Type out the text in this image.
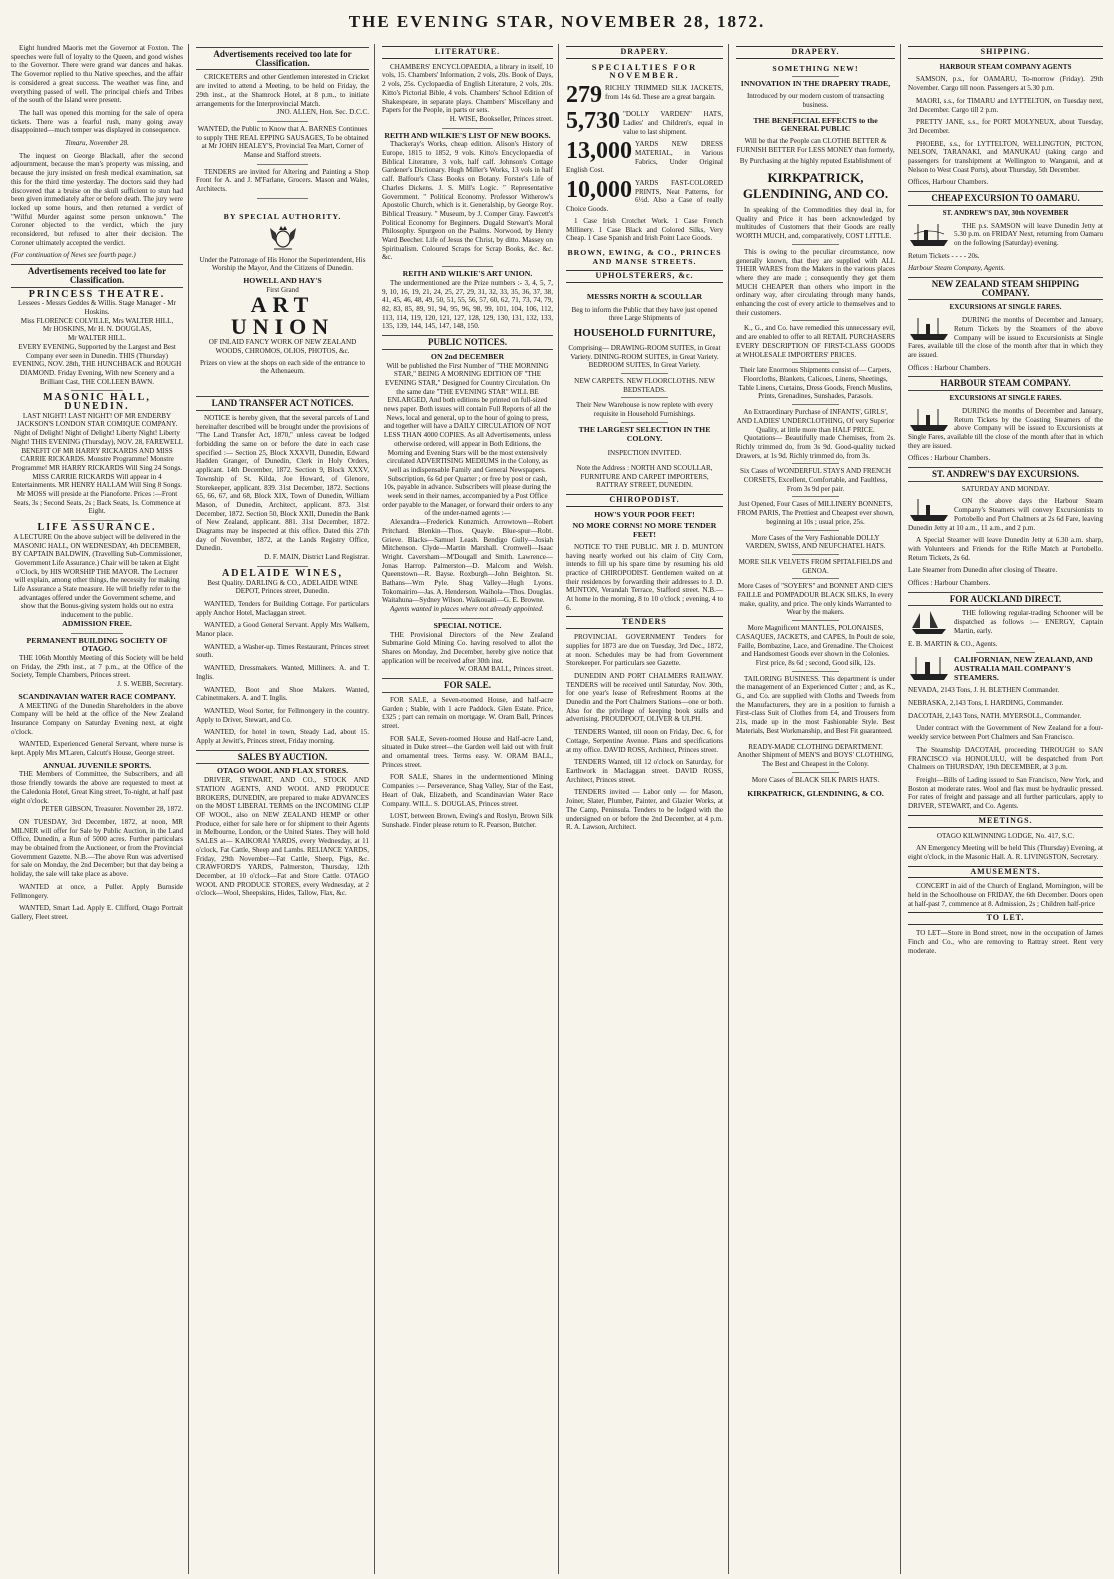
THE EVENING STAR, NOVEMBER 28, 1872.

Eight hundred Maoris met the Governor at Foxton. The speeches were full of loyalty to the Queen, and good wishes to the Governor. There were grand war dances and hakas. The Governor replied to thu Native speeches, and the affair is considered a great success. The weather was fine, and everything passed of well. The principal chiefs and Tribes of the south of the Island were present.

The hall was opened this morning for the sale of opera tickets. There was a fearful rush, many going away disappointed—much temper was displayed in consequence.

Timaru, November 28.

The inquest on George Blackall, after the second adjournment, because the man's property was missing, and because the jury insisted on fresh medical examination, sat this for the third time yesterday. The doctors said they had discovered that a bruise on the skull sufficient to stun had been given immediately after or before death. The jury were locked up some hours, and then returned a verdict of "Wilful Murder against some person unknown." The Coroner objected to the verdict, which the jury reconsidered, but refused to alter their decision. The Coroner ultimately accepted the verdict.

(For continuation of News see fourth page.)
Advertisements received too late for Classification.
PRINCESS THEATRE.
Lessees - Messrs Geddes & Willis. Stage Manager - Mr Hoskins.
Miss FLORENCE COLVILLE, Mrs WALTER HILL,
Mr HOSKINS, Mr H. N. DOUGLAS,
Mr WALTER HILL.
EVERY EVENING, Supported by the Largest and Best Company ever seen in Dunedin. THIS (Thursday) EVENING, NOV. 28th, THE HUNCHBACK and ROUGH DIAMOND. Friday Evening, With new Scenery and a Brilliant Cast, THE COLLEEN BAWN.
MASONIC HALL, DUNEDIN.
LAST NIGHT! LAST NIGHT! OF MR ENDERBY JACKSON'S LONDON STAR COMIQUE COMPANY. Night of Delight! Night of Delight! Liberty Night! Liberty Night! THIS EVENING (Thursday), NOV. 28, FAREWELL BENEFIT OF MR HARRY RICKARDS AND MISS CARRIE RICKARDS. Monstre Programme! Monstre Programme! MR HARRY RICKARDS Will Sing 24 Songs. MISS CARRIE RICKARDS Will appear in 4 Entertainments. MR HENRY HALLAM Will Sing 8 Songs. Mr MOSS will preside at the Pianoforte. Prices :—Front Seats, 3s ; Second Seats, 2s ; Back Seats, 1s. Commence at Eight.
LIFE ASSURANCE.
A LECTURE On the above subject will be delivered in the MASONIC HALL, ON WEDNESDAY, 4th DECEMBER, BY CAPTAIN BALDWIN, (Travelling Sub-Commissioner, Government Life Assurance.) Chair will be taken at Eight o'Clock, by HIS WORSHIP THE MAYOR. The Lecturer will explain, among other things, the necessity for making Life Assurance a State measure. He will briefly refer to the advantages offered under the Government scheme, and show that the Bonus-giving system holds out no extra inducement to the public.
ADMISSION FREE.
PERMANENT BUILDING SOCIETY OF OTAGO.

THE 106th Monthly Meeting of this Society will be held on Friday, the 29th inst., at 7 p.m., at the Office of the Society, Temple Chambers, Princes street.

J. S. WEBB, Secretary.
SCANDINAVIAN WATER RACE COMPANY.

A MEETING of the Dunedin Shareholders in the above Company will be held at the office of the New Zealand Insurance Company on Saturday Evening next, at eight o'clock.

WANTED, Experienced General Servant, where nurse is kept. Apply Mrs M'Laren, Calcutt's House, George street.

ANNUAL JUVENILE SPORTS.

THE Members of Committee, the Subscribers, and all those friendly towards the above are requested to meet at the Caledonia Hotel, Great King street, To-night, at half past eight o'clock.

PETER GIBSON, Treasurer. November 28, 1872.

ON TUESDAY, 3rd December, 1872, at noon, MR MILNER will offer for Sale by Public Auction, in the Land Office, Dunedin, a Run of 5000 acres. Further particulars may be obtained from the Auctioneer, or from the Provincial Government Gazette. N.B.—The above Run was advertised for sale on Monday, the 2nd December; but that day being a holiday, the sale will take place as above.

WANTED at once, a Puller. Apply Burnside Fellmongery.

WANTED, Smart Lad. Apply E. Clifford, Otago Portrait Gallery, Fleet street.

Advertisements received too late for Classification.

CRICKETERS and other Gentlemen interested in Cricket are invited to attend a Meeting, to be held on Friday, the 29th inst., at the Shamrock Hotel, at 8 p.m., to initiate arrangements for the Interprovincial Match.

JNO. ALLEN, Hon. Sec. D.C.C.
WANTED, the Public to Know that A. BARNES Continues to supply THE REAL EPPING SAUSAGES, To be obtained at Mr JOHN HEALEY'S, Provincial Tea Mart, Corner of Manse and Stafford streets.

TENDERS are invited for Altering and Painting a Shop Front for A. and J. M'Farlane, Grocers. Mason and Wales, Architects.

BY SPECIAL AUTHORITY.
Under the Patronage of His Honor the Superintendent, His Worship the Mayor, And the Citizens of Dunedin.
HOWELL AND HAY'S
First Grand
ART UNION
OF INLAID FANCY WORK OF NEW ZEALAND WOODS, CHROMOS, OLIOS, PHOTOS, &c.
Prizes on view at the shops on each side of the entrance to the Athenaeum.
LAND TRANSFER ACT NOTICES.

NOTICE is hereby given, that the several parcels of Land hereinafter described will be brought under the provisions of "The Land Transfer Act, 1870," unless caveat be lodged forbidding the same on or before the date in each case specified :— Section 25, Block XXXVII, Dunedin, Edward Hadden Granger, of Dunedin, Clerk in Holy Orders, applicant. 14th December, 1872. Section 9, Block XXXV, Township of St. Kilda, Joe Howard, of Glenore, Storekeeper, applicant. 839. 31st December, 1872. Sections 65, 66, 67, and 68, Block XIX, Town of Dunedin, William Mason, of Dunedin, Architect, applicant. 873. 31st December, 1872. Section 50, Block XXII, Dunedin the Bank of New Zealand, applicant. 881. 31st December, 1872. Diagrams may be inspected at this office. Dated this 27th day of November, 1872, at the Lands Registry Office, Dunedin.

D. F. MAIN, District Land Registrar.
ADELAIDE WINES,
Best Quality. DARLING & CO., ADELAIDE WINE DEPOT, Princes street, Dunedin.

WANTED, Tenders for Building Cottage. For particulars apply Anchor Hotel, Maclaggan street.

WANTED, a Good General Servant. Apply Mrs Walkem, Manor place.

WANTED, a Washer-up. Times Restaurant, Princes street south.

WANTED, Dressmakers. Wanted, Milliners. A. and T. Inglis.

WANTED, Boot and Shoe Makers. Wanted, Cabinetmakers. A. and T. Inglis.

WANTED, Wool Sorter, for Fellmongery in the country. Apply to Driver, Stewart, and Co.

WANTED, for hotel in town, Steady Lad, about 15. Apply at Jewitt's, Princes street, Friday morning.

SALES BY AUCTION.
OTAGO WOOL AND FLAX STORES.

DRIVER, STEWART, AND CO., STOCK AND STATION AGENTS, AND WOOL AND PRODUCE BROKERS, DUNEDIN, are prepared to make ADVANCES on the MOST LIBERAL TERMS on the INCOMING CLIP OF WOOL, also on NEW ZEALAND HEMP or other Produce, either for sale here or for shipment to their Agents in Melbourne, London, or the United States. They will hold SALES at— KAIKORAI YARDS, every Wednesday, at 11 o'clock, Fat Cattle, Sheep and Lambs. RELIANCE YARDS, Friday, 29th November—Fat Cattle, Sheep, Pigs, &c. CRAWFORD'S YARDS, Palmerston, Thursday, 12th December, at 10 o'clock—Fat and Store Cattle. OTAGO WOOL AND PRODUCE STORES, every Wednesday, at 2 o'clock—Wool, Sheepskins, Hides, Tallow, Flax, &c.

LITERATURE.

CHAMBERS' ENCYCLOPAEDIA, a library in itself, 10 vols, 15. Chambers' Information, 2 vols, 20s. Book of Days, 2 vols, 25s. Cyclopaedia of English Literature, 2 vols, 20s. Kitto's Pictorial Bible, 4 vols. Chambers' School Edition of Shakespeare, in separate plays. Chambers' Miscellany and Papers for the People, in parts or sets.

H. WISE, Bookseller, Princes street.
REITH AND WILKIE'S LIST OF NEW BOOKS.

Thackeray's Works, cheap edition. Alison's History of Europe, 1815 to 1852, 9 vols. Kitto's Encyclopaedia of Biblical Literature, 3 vols, half calf. Johnson's Cottage Gardener's Dictionary. Hugh Miller's Works, 13 vols in half calf. Balfour's Class Books on Botany. Forster's Life of Charles Dickens. J. S. Mill's Logic. " Representative Government. " Political Economy. Professor Witherow's Apostolic Church, which is it. Generalship, by George Roy. Biblical Treasury. " Museum, by J. Comper Gray. Fawcett's Political Economy for Beginners. Dugald Stewart's Moral Philosophy. Spurgeon on the Psalms. Norwood, by Henry Ward Beecher. Life of Jesus the Christ, by ditto. Massey on Spiritualism. Coloured Scraps for Scrap Books, &c. &c. &c.

REITH AND WILKIE'S ART UNION.

The undermentioned are the Prize numbers :- 3, 4, 5, 7, 9, 10, 16, 19, 21, 24, 25, 27, 29, 31, 32, 33, 35, 36, 37, 38, 41, 45, 46, 48, 49, 50, 51, 55, 56, 57, 60, 62, 71, 73, 74, 79, 82, 83, 85, 89, 91, 94, 95, 96, 98, 99, 101, 104, 106, 112, 113, 114, 119, 120, 121, 127, 128, 129, 130, 131, 132, 133, 135, 139, 144, 145, 147, 148, 150.

PUBLIC NOTICES.
ON 2nd DECEMBER
Will be published the First Number of "THE MORNING STAR," BEING A MORNING EDITION OF "THE EVENING STAR," Designed for Country Circulation. On the same date "THE EVENING STAR" WILL BE ENLARGED, And both editions be printed on full-sized news paper. Both issues will contain Full Reports of all the News, local and general, up to the hour of going to press, and together will have a DAILY CIRCULATION OF NOT LESS THAN 4000 COPIES. As all Advertisements, unless otherwise ordered, will appear in Both Editions, the Morning and Evening Stars will be the most extensively circulated ADVERTISING MEDIUMS in the Colony, as well as indispensable Family and General Newspapers. Subscription, 6s 6d per Quarter ; or free by post or cash, 10s, payable in advance. Subscribers will please during the week send in their names, accompanied by a Post Office order payable to the Manager, or forward their orders to any of the under-named agents :—

Alexandra—Frederick Kunzmich. Arrowtown—Robert Pritchard. Blenkin—Thos. Quayle. Blue-spur—Robt. Grieve. Blacks—Samuel Leash. Bendigo Gully—Josiah Mitchenson. Clyde—Martin Marshall. Cromwell—Isaac Wright. Caversham—M'Dougall and Smith. Lawrence—Jonas Harrop. Palmerston—D. Malcom and Welsh. Queenstown—R. Bayse. Roxburgh—John Beighton. St. Bathans—Wm Pyle. Shag Valley—Hugh Lyons. Tokomairiro—Jas. A. Henderson. Waihola—Thos. Douglas. Waitahuna—Sydney Wilson. Waikouaiti—G. E. Browne.

Agents wanted in places where not already appointed.

SPECIAL NOTICE.

THE Provisional Directors of the New Zealand Submarine Gold Mining Co. having resolved to allot the Shares on Monday, 2nd December, hereby give notice that application will be received after 30th inst.

W. ORAM BALL, Princes street.
FOR SALE.

FOR SALE, a Seven-roomed House, and half-acre Garden ; Stable, with 1 acre Paddock. Glen Estate. Price, £325 ; part can remain on mortgage. W. Oram Ball, Princes street.

FOR SALE, Seven-roomed House and Half-acre Land, situated in Duke street—the Garden well laid out with fruit and ornamental trees. Terms easy. W. ORAM BALL, Princes street.

FOR SALE, Shares in the undermentioned Mining Companies :— Perseverance, Shag Valley, Star of the East, Heart of Oak, Elizabeth, and Scandinavian Water Race Company. WILL. S. DOUGLAS, Princes street.

LOST, between Brown, Ewing's and Roslyn, Brown Silk Sunshade. Finder please return to R. Pearson, Butcher.

DRAPERY.
SPECIALTIES FOR NOVEMBER.
279 RICHLY TRIMMED SILK JACKETS, from 14s 6d. These are a great bargain.
5,730 "DOLLY VARDEN" HATS, Ladies' and Children's, equal in value to last shipment.
13,000 YARDS NEW DRESS MATERIAL, in Various Fabrics, Under Original English Cost.
10,000 YARDS FAST-COLORED PRINTS, Neat Patterns, for 6½d. Also a Case of really Choice Goods.

1 Case Irish Crotchet Work. 1 Case French Millinery. 1 Case Black and Colored Silks, Very Cheap. 1 Case Spanish and Irish Point Lace Goods.

BROWN, EWING, & CO., PRINCES AND MANSE STREETS.
UPHOLSTERERS, &c.
MESSRS NORTH & SCOULLAR
Beg to inform the Public that they have just opened three Large Shipments of
HOUSEHOLD FURNITURE,
Comprising— DRAWING-ROOM SUITES, in Great Variety. DINING-ROOM SUITES, in Great Variety. BEDROOM SUITES, In Great Variety.
NEW CARPETS. NEW FLOORCLOTHS. NEW BEDSTEADS.
Their New Warehouse is now replete with every requisite in Household Furnishings.
THE LARGEST SELECTION IN THE COLONY.
INSPECTION INVITED.
Note the Address : NORTH AND SCOULLAR, FURNITURE AND CARPET IMPORTERS, RATTRAY STREET, DUNEDIN.
CHIROPODIST.
HOW'S YOUR POOR FEET!
NO MORE CORNS! NO MORE TENDER FEET!

NOTICE TO THE PUBLIC. MR J. D. MUNTON having nearly worked out his claim of City Corn, intends to fill up his spare time by resuming his old practice of CHIROPODIST. Gentlemen waited on at their residences by forwarding their addresses to J. D. MUNTON, Verandah Terrace, Stafford street. N.B.—At home in the morning, 8 to 10 o'clock ; evening, 4 to 6.

TENDERS

PROVINCIAL GOVERNMENT Tenders for supplies for 1873 are due on Tuesday, 3rd Dec., 1872, at noon. Schedules may be had from Government Storekeeper. For particulars see Gazette.

DUNEDIN AND PORT CHALMERS RAILWAY. TENDERS will be received until Saturday, Nov. 30th, for one year's lease of Refreshment Rooms at the Dunedin and the Port Chalmers Stations—one or both. Also for the privilege of keeping book stalls and advertising. PROUDFOOT, OLIVER & ULPH.

TENDERS Wanted, till noon on Friday, Dec. 6, for Cottage, Serpentine Avenue. Plans and specifications at my office. DAVID ROSS, Architect, Princes street.

TENDERS Wanted, till 12 o'clock on Saturday, for Earthwork in Maclaggan street. DAVID ROSS, Architect, Princes street.

TENDERS invited — Labor only — for Mason, Joiner, Slater, Plumber, Painter, and Glazier Works, at The Camp, Peninsula. Tenders to be lodged with the undersigned on or before the 2nd December, at 4 p.m. R. A. Lawson, Architect.

DRAPERY.
SOMETHING NEW!
INNOVATION IN THE DRAPERY TRADE,
Introduced by our modern custom of transacting business.
THE BENEFICIAL EFFECTS to the GENERAL PUBLIC
Will be that the People can CLOTHE BETTER & FURNISH BETTER For LESS MONEY than formerly,
By Purchasing at the highly reputed Establishment of
KIRKPATRICK, GLENDINING, AND CO.

In speaking of the Commodities they deal in, for Quality and Price it has been acknowledged by multitudes of Customers that their Goods are really WORTH MUCH, and, comparatively, COST LITTLE.

This is owing to the peculiar circumstance, now generally known, that they are supplied with ALL THEIR WARES from the Makers in the various places where they are made ; consequently they get them MUCH CHEAPER than others who import in the ordinary way, after circulating through many hands, enhancing the cost of every article to themselves and to their customers.

K., G., and Co. have remedied this unnecessary evil, and are enabled to offer to all RETAIL PURCHASERS EVERY DESCRIPTION OF FIRST-CLASS GOODS at WHOLESALE IMPORTERS' PRICES.

Their late Enormous Shipments consist of— Carpets, Floorcloths, Blankets, Calicoes, Linens, Sheetings, Table Linens, Curtains, Dress Goods, French Muslins, Prints, Grenadines, Sunshades, Parasols.
An Extraordinary Purchase of INFANTS', GIRLS', AND LADIES' UNDERCLOTHING, Of very Superior Quality, at little more than HALF PRICE.

Quotations— Beautifully made Chemises, from 2s. Richly trimmed do, from 3s 9d. Good-quality tucked Drawers, at 1s 9d. Richly trimmed do, from 3s.

Six Cases of WONDERFUL STAYS AND FRENCH CORSETS, Excellent, Comfortable, and Faultless, From 3s 9d per pair.
Just Opened, Four Cases of MILLINERY BONNETS, FROM PARIS, The Prettiest and Cheapest ever shown, beginning at 10s ; usual price, 25s.
More Cases of the Very Fashionable DOLLY VARDEN, SWISS, AND NEUFCHATEL HATS.
MORE SILK VELVETS FROM SPITALFIELDS and GENOA.
More Cases of "SOYER'S" and BONNET AND CIE'S FAILLE and POMPADOUR BLACK SILKS, In every make, quality, and price. The only kinds Warranted to Wear by the makers.
More Magnificent MANTLES, POLONAISES, CASAQUES, JACKETS, and CAPES, In Poult de soie, Faille, Bombazine, Lace, and Grenadine. The Choicest and Handsomest Goods ever shown in the Colonies. First price, 8s 6d ; second, Good silk, 12s.

TAILORING BUSINESS. This department is under the management of an Experienced Cutter ; and, as K., G., and Co. are supplied with Cloths and Tweeds from the Manufacturers, they are in a position to furnish a First-class Suit of Clothes from £4, and Trousers from 21s, made up in the most Fashionable Style. Best Materials, Best Workmanship, and Best Fit guaranteed.

READY-MADE CLOTHING DEPARTMENT. Another Shipment of MEN'S and BOYS' CLOTHING, The Best and Cheapest in the Colony.
More Cases of BLACK SILK PARIS HATS.
KIRKPATRICK, GLENDINING, & CO.
SHIPPING.
HARBOUR STEAM COMPANY AGENTS

SAMSON, p.s., for OAMARU, To-morrow (Friday). 29th November. Cargo till noon. Passengers at 5.30 p.m.

MAORI, s.s., for TIMARU and LYTTELTON, on Tuesday next, 3rd December. Cargo till 2 p.m.

PRETTY JANE, s.s., for PORT MOLYNEUX, about Tuesday, 3rd December.

PHOEBE, s.s., for LYTTELTON, WELLINGTON, PICTON, NELSON, TARANAKI, and MANUKAU (taking cargo and passengers for transhipment at Wellington to Wanganui, and at Nelson to West Coast Ports), about Thursday, 5th December.

Offices, Harbour Chambers.
CHEAP EXCURSION TO OAMARU.
ST. ANDREW'S DAY, 30th NOVEMBER

THE p.s. SAMSON will leave Dunedin Jetty at 5.30 p.m. on FRIDAY Next, returning from Oamaru on the following (Saturday) evening.

Return Tickets - - - - 20s.
Harbour Steam Company, Agents.
NEW ZEALAND STEAM SHIPPING COMPANY.
EXCURSIONS AT SINGLE FARES.

DURING the months of December and January, Return Tickets by the Steamers of the above Company will be issued to Excursionists at Single Fares, available till the close of the month after that in which they are issued.

Offices : Harbour Chambers.
HARBOUR STEAM COMPANY.
EXCURSIONS AT SINGLE FARES.

DURING the months of December and January, Return Tickets by the Coasting Steamers of the above Company will be issued to Excursionists at Single Fares, available till the close of the month after that in which they are issued.

Offices : Harbour Chambers.
ST. ANDREW'S DAY EXCURSIONS.
SATURDAY AND MONDAY.

ON the above days the Harbour Steam Company's Steamers will convey Excursionists to Portobello and Port Chalmers at 2s 6d Fare, leaving Dunedin Jetty at 10 a.m., 11 a.m., and 2 p.m.

A Special Steamer will leave Dunedin Jetty at 6.30 a.m. sharp, with Volunteers and Friends for the Rifle Match at Portobello. Return Tickets, 2s 6d.

Late Steamer from Dunedin after closing of Theatre.
Offices : Harbour Chambers.
FOR AUCKLAND DIRECT.

THE following regular-trading Schooner will be dispatched as follows :— ENERGY, Captain Martin, early.

E. B. MARTIN & CO., Agents.
CALIFORNIAN, NEW ZEALAND, AND AUSTRALIA MAIL COMPANY'S STEAMERS.
NEVADA, 2143 Tons, J. H. BLETHEN Commander.
NEBRASKA, 2,143 Tons, I. HARDING, Commander.
DACOTAH, 2,143 Tons, NATH. MYERSOLL, Commander.

Under contract with the Government of New Zealand for a four-weekly service between Port Chalmers and San Francisco.

The Steamship DACOTAH, proceeding THROUGH to SAN FRANCISCO via HONOLULU, will be despatched from Port Chalmers on THURSDAY, 19th DECEMBER, at 3 p.m.

Freight—Bills of Lading issued to San Francisco, New York, and Boston at moderate rates. Wool and flax must be hydraulic pressed. For rates of freight and passage and all further particulars, apply to DRIVER, STEWART, and Co. Agents.

MEETINGS.
OTAGO KILWINNING LODGE, No. 417, S.C.

AN Emergency Meeting will be held This (Thursday) Evening, at eight o'clock, in the Masonic Hall. A. R. LIVINGSTON, Secretary.

AMUSEMENTS.

CONCERT in aid of the Church of England, Mornington, will be held in the Schoolhouse on FRIDAY, the 6th December. Doors open at half-past 7, commence at 8. Admission, 2s ; Children half-price

TO LET.

TO LET—Store in Bond street, now in the occupation of James Finch and Co., who are removing to Rattray street. Rent very moderate.
